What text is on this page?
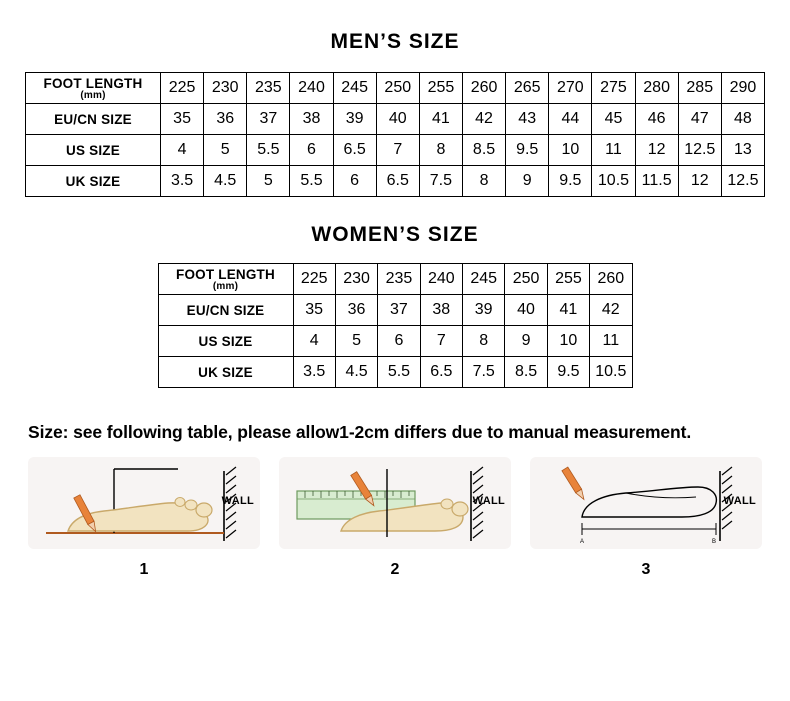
MEN’S SIZE
FOOT LENGTH
(mm)	225	230	235	240	245	250	255	260	265	270	275	280	285	290
EU/CN SIZE	35	36	37	38	39	40	41	42	43	44	45	46	47	48
US SIZE	4	5	5.5	6	6.5	7	8	8.5	9.5	10	11	12	12.5	13
UK SIZE	3.5	4.5	5	5.5	6	6.5	7.5	8	9	9.5	10.5	11.5	12	12.5
WOMEN’S SIZE
FOOT LENGTH
(mm)	225	230	235	240	245	250	255	260
EU/CN SIZE	35	36	37	38	39	40	41	42
US SIZE	4	5	6	7	8	9	10	11
UK SIZE	3.5	4.5	5.5	6.5	7.5	8.5	9.5	10.5
Size: see following table, please allow1-2cm differs due to manual measurement.
WALL
1
WALL
2
A	B
WALL
3
